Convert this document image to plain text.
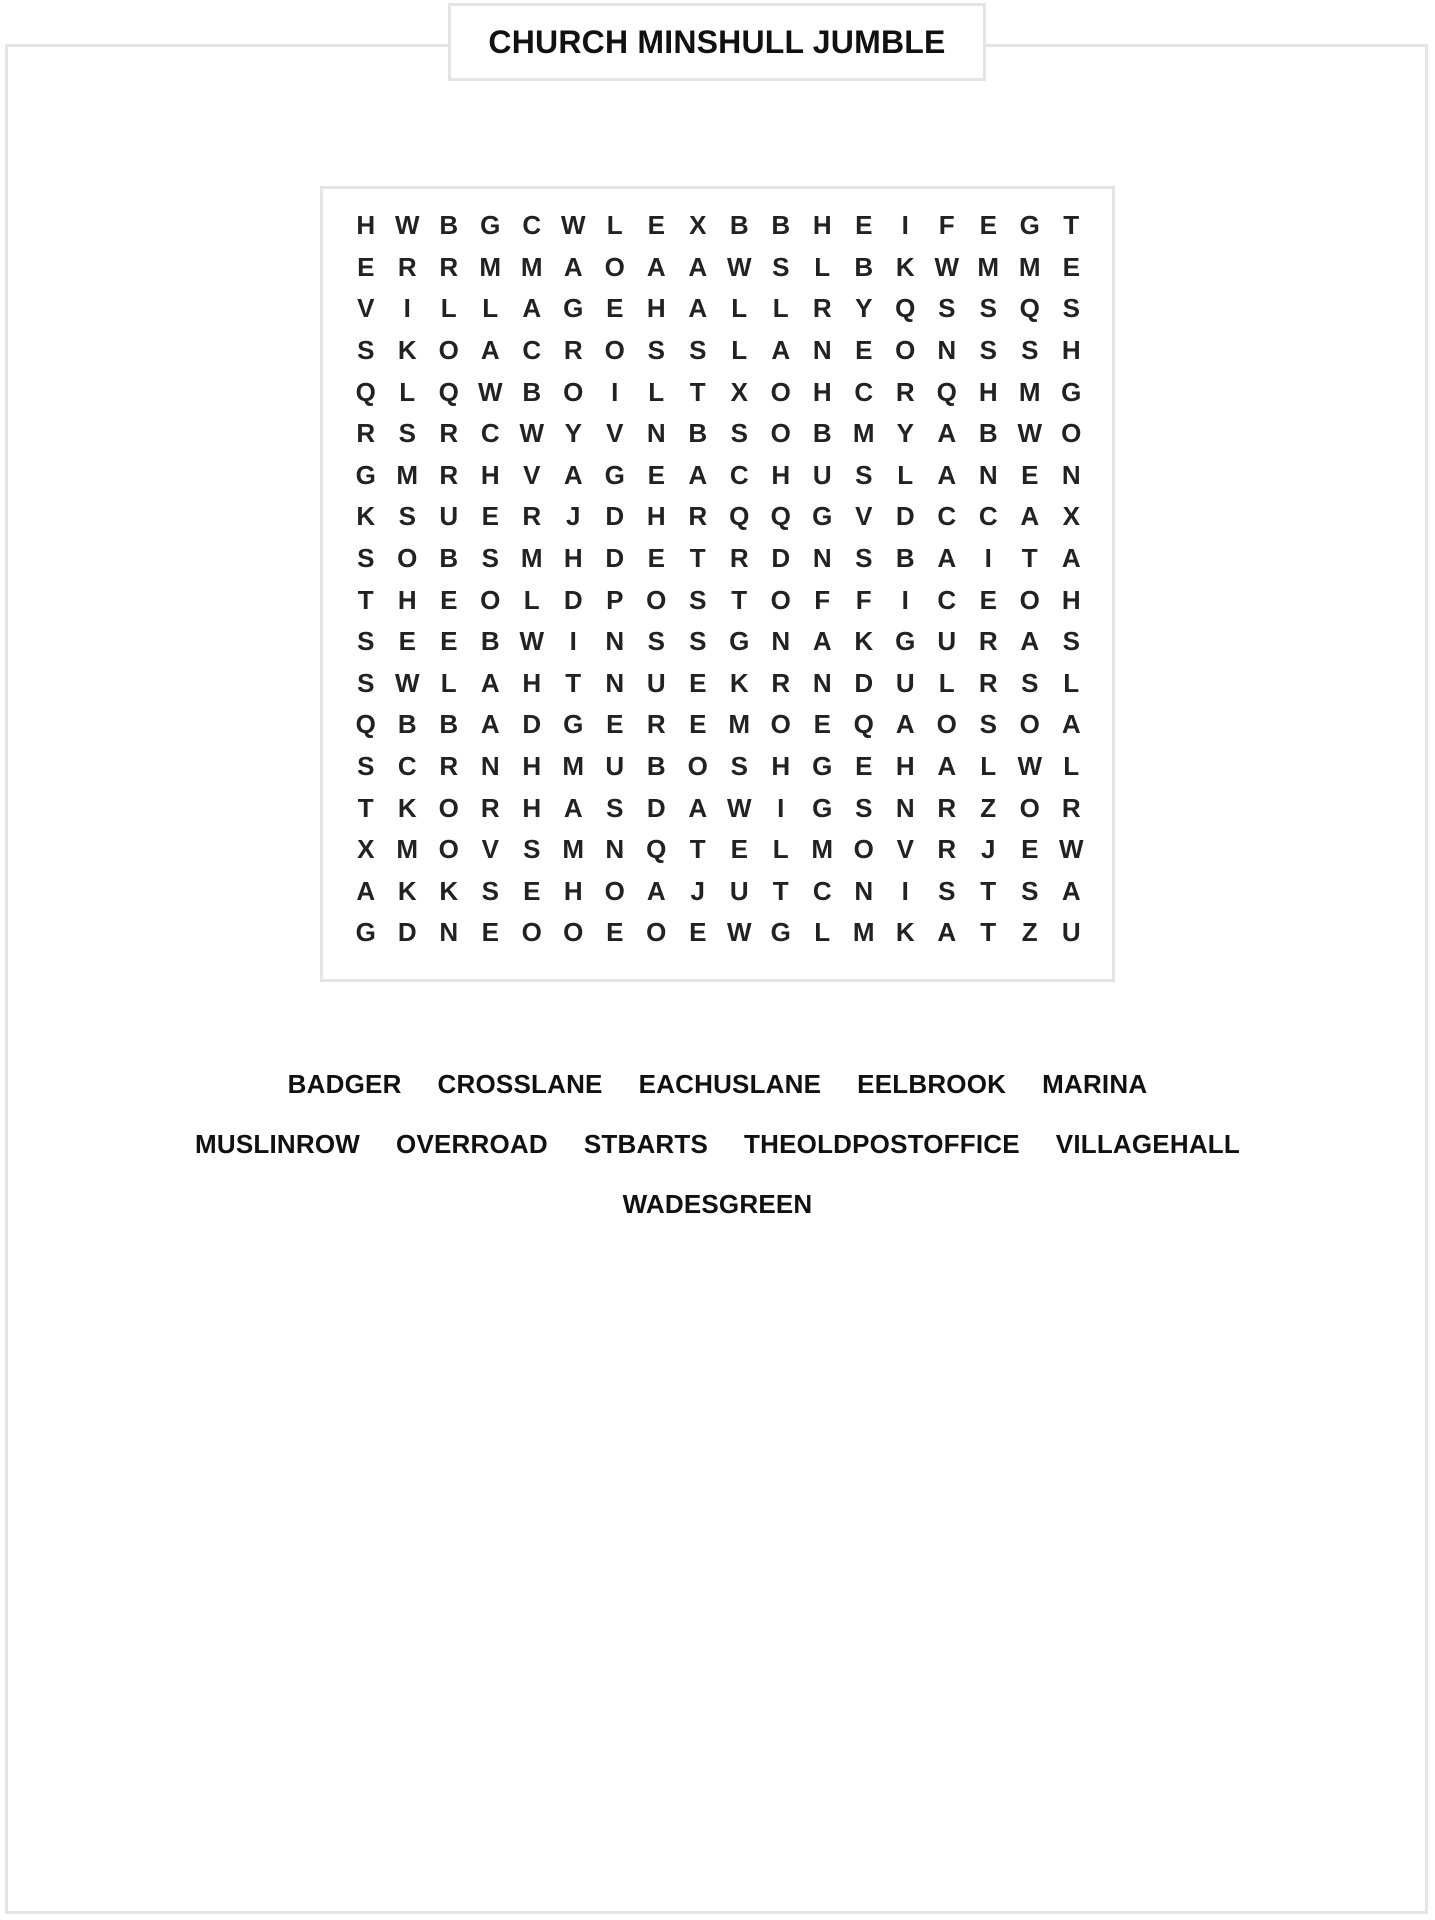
CHURCH MINSHULL JUMBLE
H W B G C W L E X B B H E	I	F E G T
E R R M M A O A A W S L B K W M M E
V	I	L L A G E H A L L R Y Q S S Q S
S K O A C R O S S L A N E O N S S H
Q L Q W B O	I	L T X O H C R Q H M G
R S R C W Y V N B S O B M Y A B W O
G M R H V A G E A C H U S L A N E N
K S U E R J D H R Q Q G V D C C A X
S O B S M H D E T R D N S B A	I	T A
T H E O L D P O S T O F F	I	C E O H
S E E B W I	N S S G N A K G U R A S
S W L A H T N U E K R N D U L R S L
Q B B A D G E R E M O E Q A O S O A
S C R N H M U B O S H G E H A L W L
T K O R H A S D A W I	G S N R Z O R
X M O V S M N Q T E L M O V R J E W
A K K S E H O A J U T C N	I	S T S A
G D N E O O E O E W G L M K A T Z U
BADGER CROSSLANE EACHUSLANE EELBROOK MARINA
MUSLINROW OVERROAD STBARTS THEOLDPOSTOFFICE VILLAGEHALL
WADESGREEN
